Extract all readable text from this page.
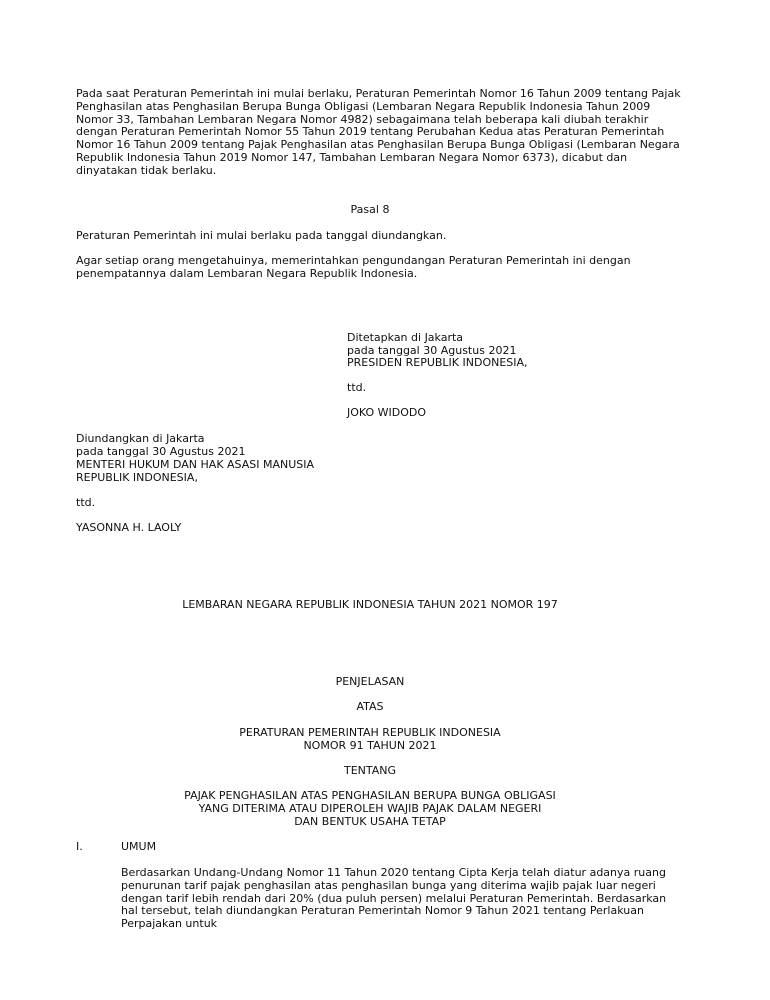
Pada saat Peraturan Pemerintah ini mulai berlaku, Peraturan Pemerintah Nomor 16 Tahun 2009 tentang Pajak Penghasilan atas Penghasilan Berupa Bunga Obligasi (Lembaran Negara Republik Indonesia Tahun 2009 Nomor 33, Tambahan Lembaran Negara Nomor 4982) sebagaimana telah beberapa kali diubah terakhir dengan Peraturan Pemerintah Nomor 55 Tahun 2019 tentang Perubahan Kedua atas Peraturan Pemerintah Nomor 16 Tahun 2009 tentang Pajak Penghasilan atas Penghasilan Berupa Bunga Obligasi (Lembaran Negara Republik Indonesia Tahun 2019 Nomor 147, Tambahan Lembaran Negara Nomor 6373), dicabut dan dinyatakan tidak berlaku.

Pasal 8

Peraturan Pemerintah ini mulai berlaku pada tanggal diundangkan.

Agar setiap orang mengetahuinya, memerintahkan pengundangan Peraturan Pemerintah ini dengan penempatannya dalam Lembaran Negara Republik Indonesia.

Ditetapkan di Jakarta

pada tanggal 30 Agustus 2021

PRESIDEN REPUBLIK INDONESIA,

ttd.

JOKO WIDODO

Diundangkan di Jakarta

pada tanggal 30 Agustus 2021

MENTERI HUKUM DAN HAK ASASI MANUSIA
REPUBLIK INDONESIA,

ttd.

YASONNA H. LAOLY

LEMBARAN NEGARA REPUBLIK INDONESIA TAHUN 2021 NOMOR 197

PENJELASAN

ATAS

PERATURAN PEMERINTAH REPUBLIK INDONESIA
NOMOR 91 TAHUN 2021

TENTANG

PAJAK PENGHASILAN ATAS PENGHASILAN BERUPA BUNGA OBLIGASI
YANG DITERIMA ATAU DIPEROLEH WAJIB PAJAK DALAM NEGERI
DAN BENTUK USAHA TETAP

I.	UMUM

Berdasarkan Undang-Undang Nomor 11 Tahun 2020 tentang Cipta Kerja telah diatur adanya ruang penurunan tarif pajak penghasilan atas penghasilan bunga yang diterima wajib pajak luar negeri dengan tarif lebih rendah dari 20% (dua puluh persen) melalui Peraturan Pemerintah. Berdasarkan hal tersebut, telah diundangkan Peraturan Pemerintah Nomor 9 Tahun 2021 tentang Perlakuan Perpajakan untuk
